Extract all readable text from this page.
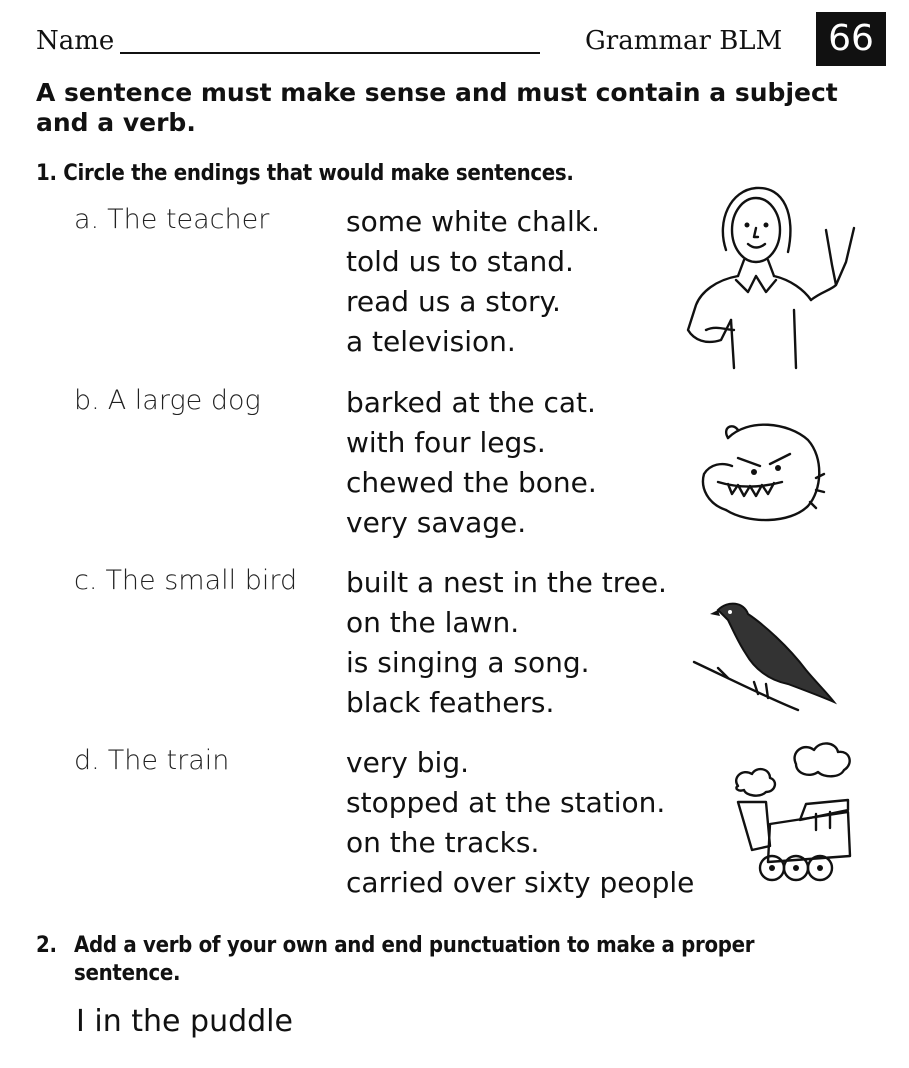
Name	Grammar BLM	66
A sentence must make sense and must contain a subject and a verb.
1. Circle the endings that would make sentences.
a. The teacher	some white chalk.
told us to stand.
read us a story.
a television.
b. A large dog	barked at the cat.
with four legs.
chewed the bone.
very savage.
c. The small bird built a nest in the tree.
on the lawn.
is singing a song.
black feathers.
d. The train	very big.
stopped at the station.
on the tracks.
carried over sixty people
2. Add a verb of your own and end punctuation to make a proper
sentence.
I in the puddle
